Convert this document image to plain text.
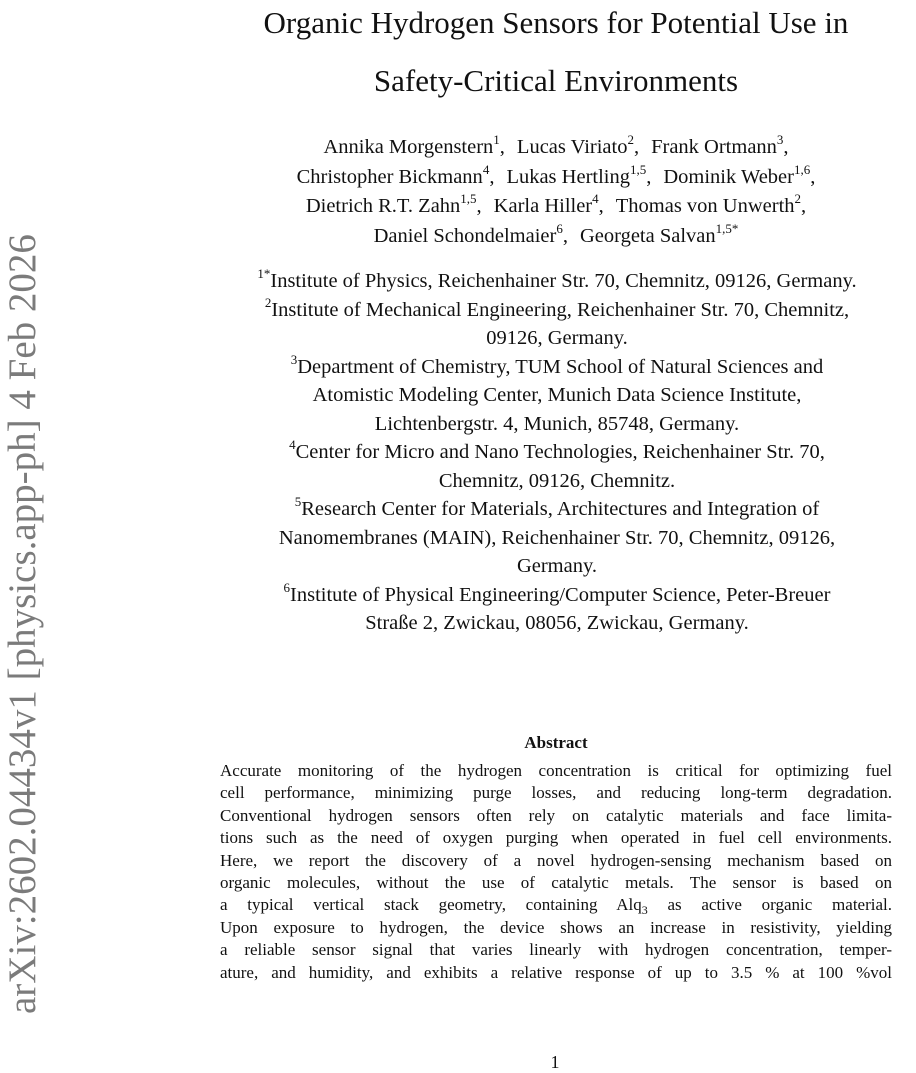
arXiv:2602.04434v1 [physics.app-ph] 4 Feb 2026
Organic Hydrogen Sensors for Potential Use in
Safety-Critical Environments
Annika Morgenstern$^1$, Lucas Viriato$^2$, Frank Ortmann$^3$,
Christopher Bickmann$^4$, Lukas Hertling$^{1,5}$, Dominik Weber$^{1,6}$,
Dietrich R.T. Zahn$^{1,5}$, Karla Hiller$^4$, Thomas von Unwerth$^2$,
Daniel Schondelmaier$^6$, Georgeta Salvan$^{1,5*}$
$^{1*}$Institute of Physics, Reichenhainer Str. 70, Chemnitz, 09126, Germany.
$^2$Institute of Mechanical Engineering, Reichenhainer Str. 70, Chemnitz,
09126, Germany.
$^3$Department of Chemistry, TUM School of Natural Sciences and
Atomistic Modeling Center, Munich Data Science Institute,
Lichtenbergstr. 4, Munich, 85748, Germany.
$^4$Center for Micro and Nano Technologies, Reichenhainer Str. 70,
Chemnitz, 09126, Chemnitz.
$^5$Research Center for Materials, Architectures and Integration of
Nanomembranes (MAIN), Reichenhainer Str. 70, Chemnitz, 09126,
Germany.
$^6$Institute of Physical Engineering/Computer Science, Peter-Breuer
Straße 2, Zwickau, 08056, Zwickau, Germany.
Abstract
Accurate monitoring of the hydrogen concentration is critical for optimizing fuel
cell performance, minimizing purge losses, and reducing long-term degradation.
Conventional hydrogen sensors often rely on catalytic materials and face limita-
tions such as the need of oxygen purging when operated in fuel cell environments.
Here, we report the discovery of a novel hydrogen-sensing mechanism based on
organic molecules, without the use of catalytic metals. The sensor is based on
a typical vertical stack geometry, containing Alq$_3$ as active organic material.
Upon exposure to hydrogen, the device shows an increase in resistivity, yielding
a reliable sensor signal that varies linearly with hydrogen concentration, temper-
ature, and humidity, and exhibits a relative response of up to 3.5 % at 100 %vol
1
